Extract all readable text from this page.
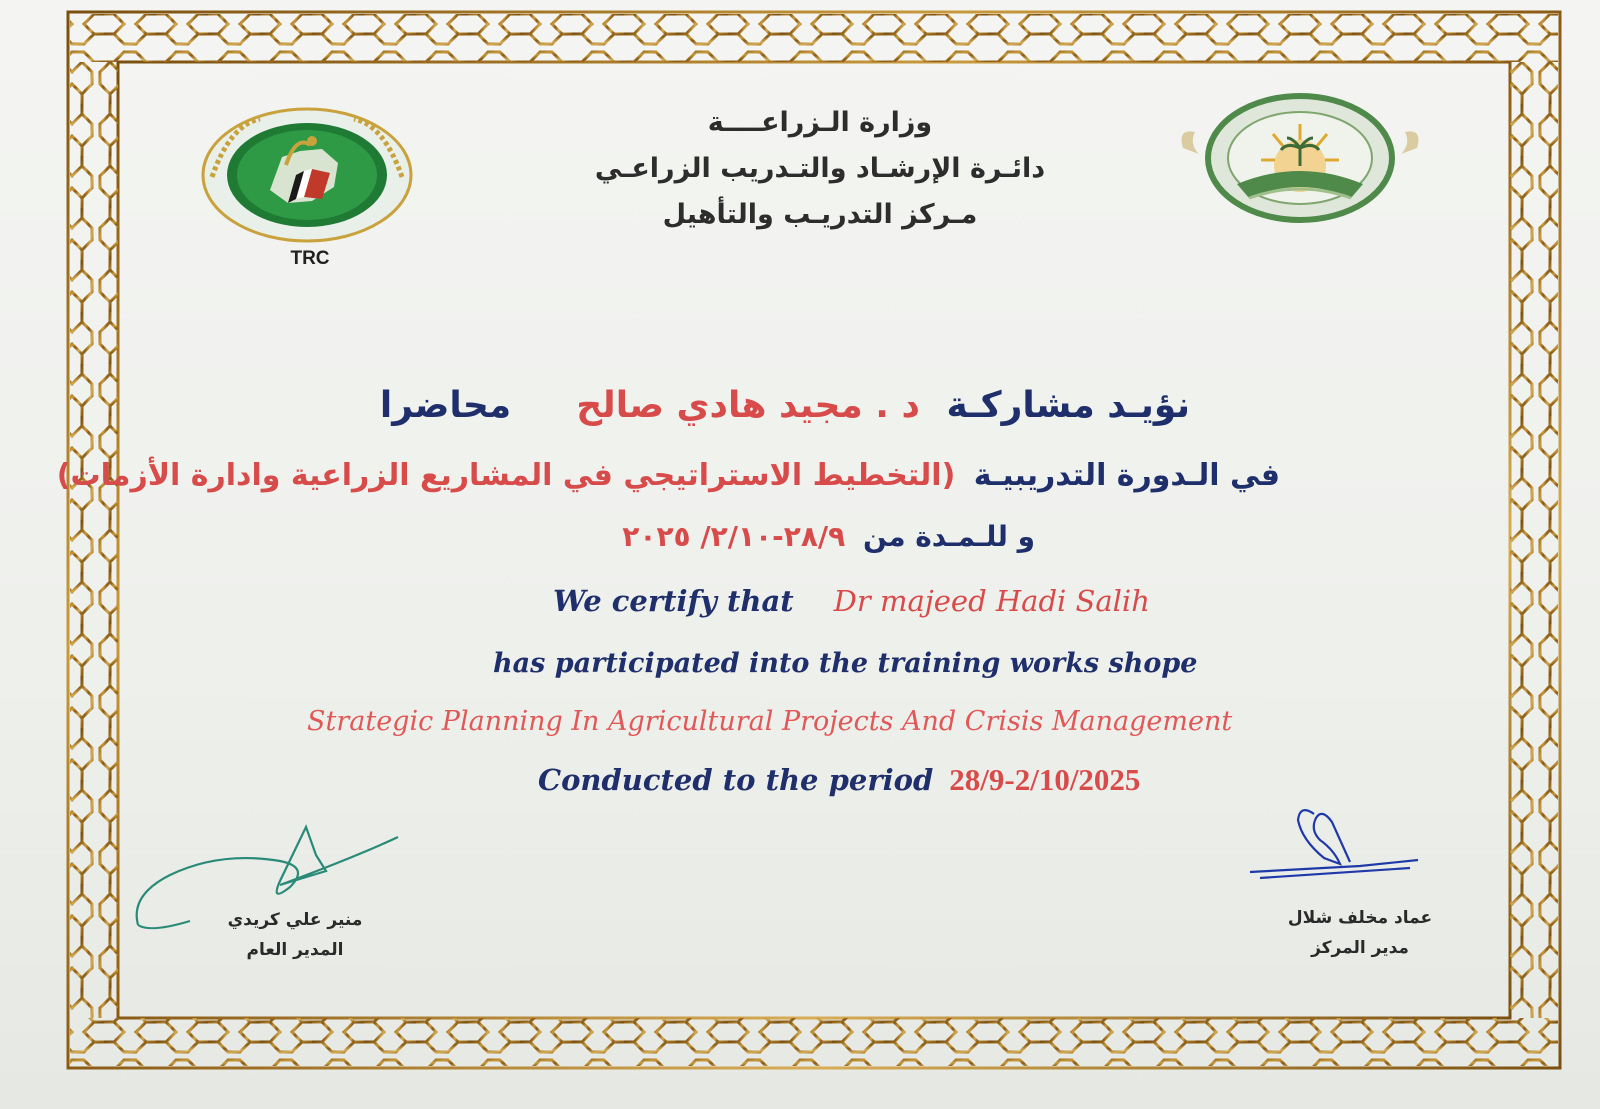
TRC
وزارة الـزراعــــة
دائـرة الإرشـاد والتـدريب الزراعـي
مـركز التدريـب والتأهيل
نؤيـد مشاركـة د . مجيد هادي صالح  محاضرا
في الـدورة التدريبيـة (التخطيط الاستراتيجي في المشاريع الزراعية وادارة الأزمات)
و للـمـدة من ٢٨/٩-٢/١٠/ ٢٠٢٥
We certify that Dr majeed Hadi Salih
has participated into the training works shope
Strategic Planning In Agricultural Projects And Crisis Management
Conducted to the period 28/9-2/10/2025
منير علي كريدي
المدير العام
عماد مخلف شلال
مدير المركز
